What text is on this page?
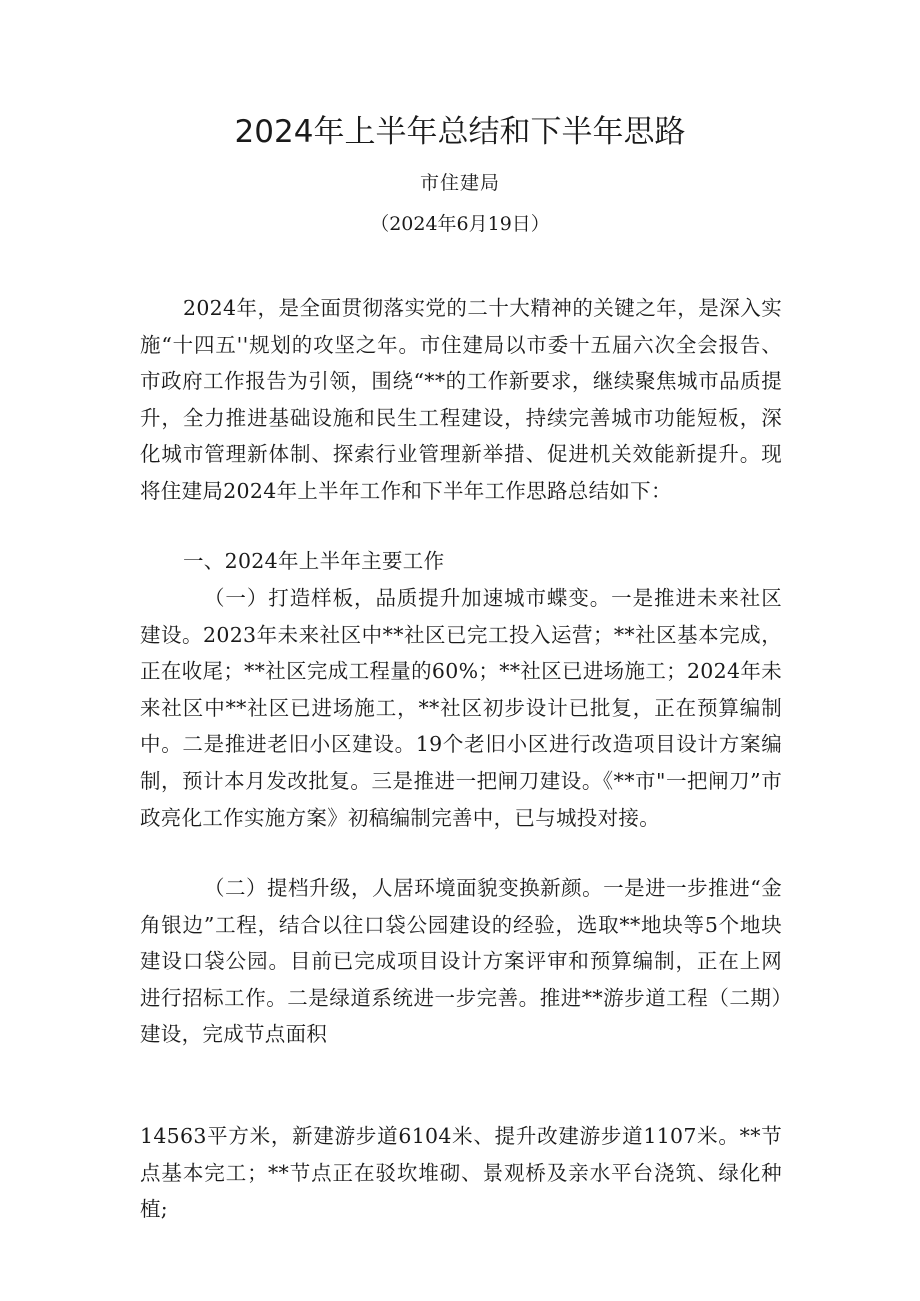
2024年上半年总结和下半年思路
市住建局
（2024年6月19日）

2024年，是全面贯彻落实党的二十大精神的关键之年，是深入实施“十四五''规划的攻坚之年。市住建局以市委十五届六次全会报告、市政府工作报告为引领，围绕“**的工作新要求，继续聚焦城市品质提升，全力推进基础设施和民生工程建设，持续完善城市功能短板，深化城市管理新体制、探索行业管理新举措、促进机关效能新提升。现将住建局2024年上半年工作和下半年工作思路总结如下：

一、2024年上半年主要工作

（一）打造样板，品质提升加速城市蝶变。一是推进未来社区建设。2023年未来社区中**社区已完工投入运营；**社区基本完成，正在收尾；**社区完成工程量的60%；**社区已进场施工；2024年未来社区中**社区已进场施工，**社区初步设计已批复，正在预算编制中。二是推进老旧小区建设。19个老旧小区进行改造项目设计方案编制，预计本月发改批复。三是推进一把闸刀建设。《**市"一把闸刀”市政亮化工作实施方案》初稿编制完善中，已与城投对接。

（二）提档升级，人居环境面貌变换新颜。一是进一步推进“金角银边”工程，结合以往口袋公园建设的经验，选取**地块等5个地块建设口袋公园。目前已完成项目设计方案评审和预算编制，正在上网进行招标工作。二是绿道系统进一步完善。推进**游步道工程（二期）建设，完成节点面积

14563平方米，新建游步道6104米、提升改建游步道1107米。**节点基本完工；**节点正在驳坎堆砌、景观桥及亲水平台浇筑、绿化种植;
